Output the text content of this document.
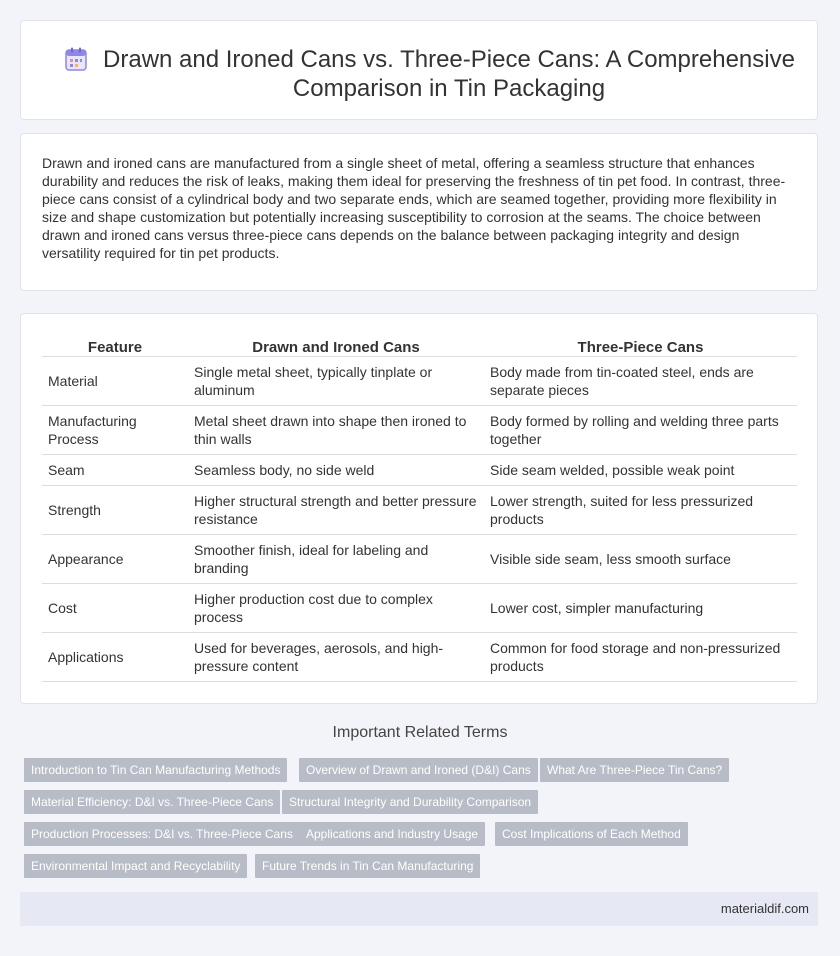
Drawn and Ironed Cans vs. Three-Piece Cans: A Comprehensive Comparison in Tin Packaging

Drawn and ironed cans are manufactured from a single sheet of metal, offering a seamless structure that enhances durability and reduces the risk of leaks, making them ideal for preserving the freshness of tin pet food. In contrast, three-piece cans consist of a cylindrical body and two separate ends, which are seamed together, providing more flexibility in size and shape customization but potentially increasing susceptibility to corrosion at the seams. The choice between drawn and ironed cans versus three-piece cans depends on the balance between packaging integrity and design versatility required for tin pet products.

Feature	Drawn and Ironed Cans	Three-Piece Cans
Material	Single metal sheet, typically tinplate or aluminum	Body made from tin-coated steel, ends are separate pieces
Manufacturing Process	Metal sheet drawn into shape then ironed to thin walls	Body formed by rolling and welding three parts together
Seam	Seamless body, no side weld	Side seam welded, possible weak point
Strength	Higher structural strength and better pressure resistance	Lower strength, suited for less pressurized products
Appearance	Smoother finish, ideal for labeling and branding	Visible side seam, less smooth surface
Cost	Higher production cost due to complex process	Lower cost, simpler manufacturing
Applications	Used for beverages, aerosols, and high-pressure content	Common for food storage and non-pressurized products
Important Related Terms
Introduction to Tin Can Manufacturing Methods	Overview of Drawn and Ironed (D&I) Cans	What Are Three-Piece Tin Cans?
Material Efficiency: D&I vs. Three-Piece Cans	Structural Integrity and Durability Comparison
Production Processes: D&I vs. Three-Piece Cans	Applications and Industry Usage	Cost Implications of Each Method
Environmental Impact and Recyclability	Future Trends in Tin Can Manufacturing
materialdif.com
